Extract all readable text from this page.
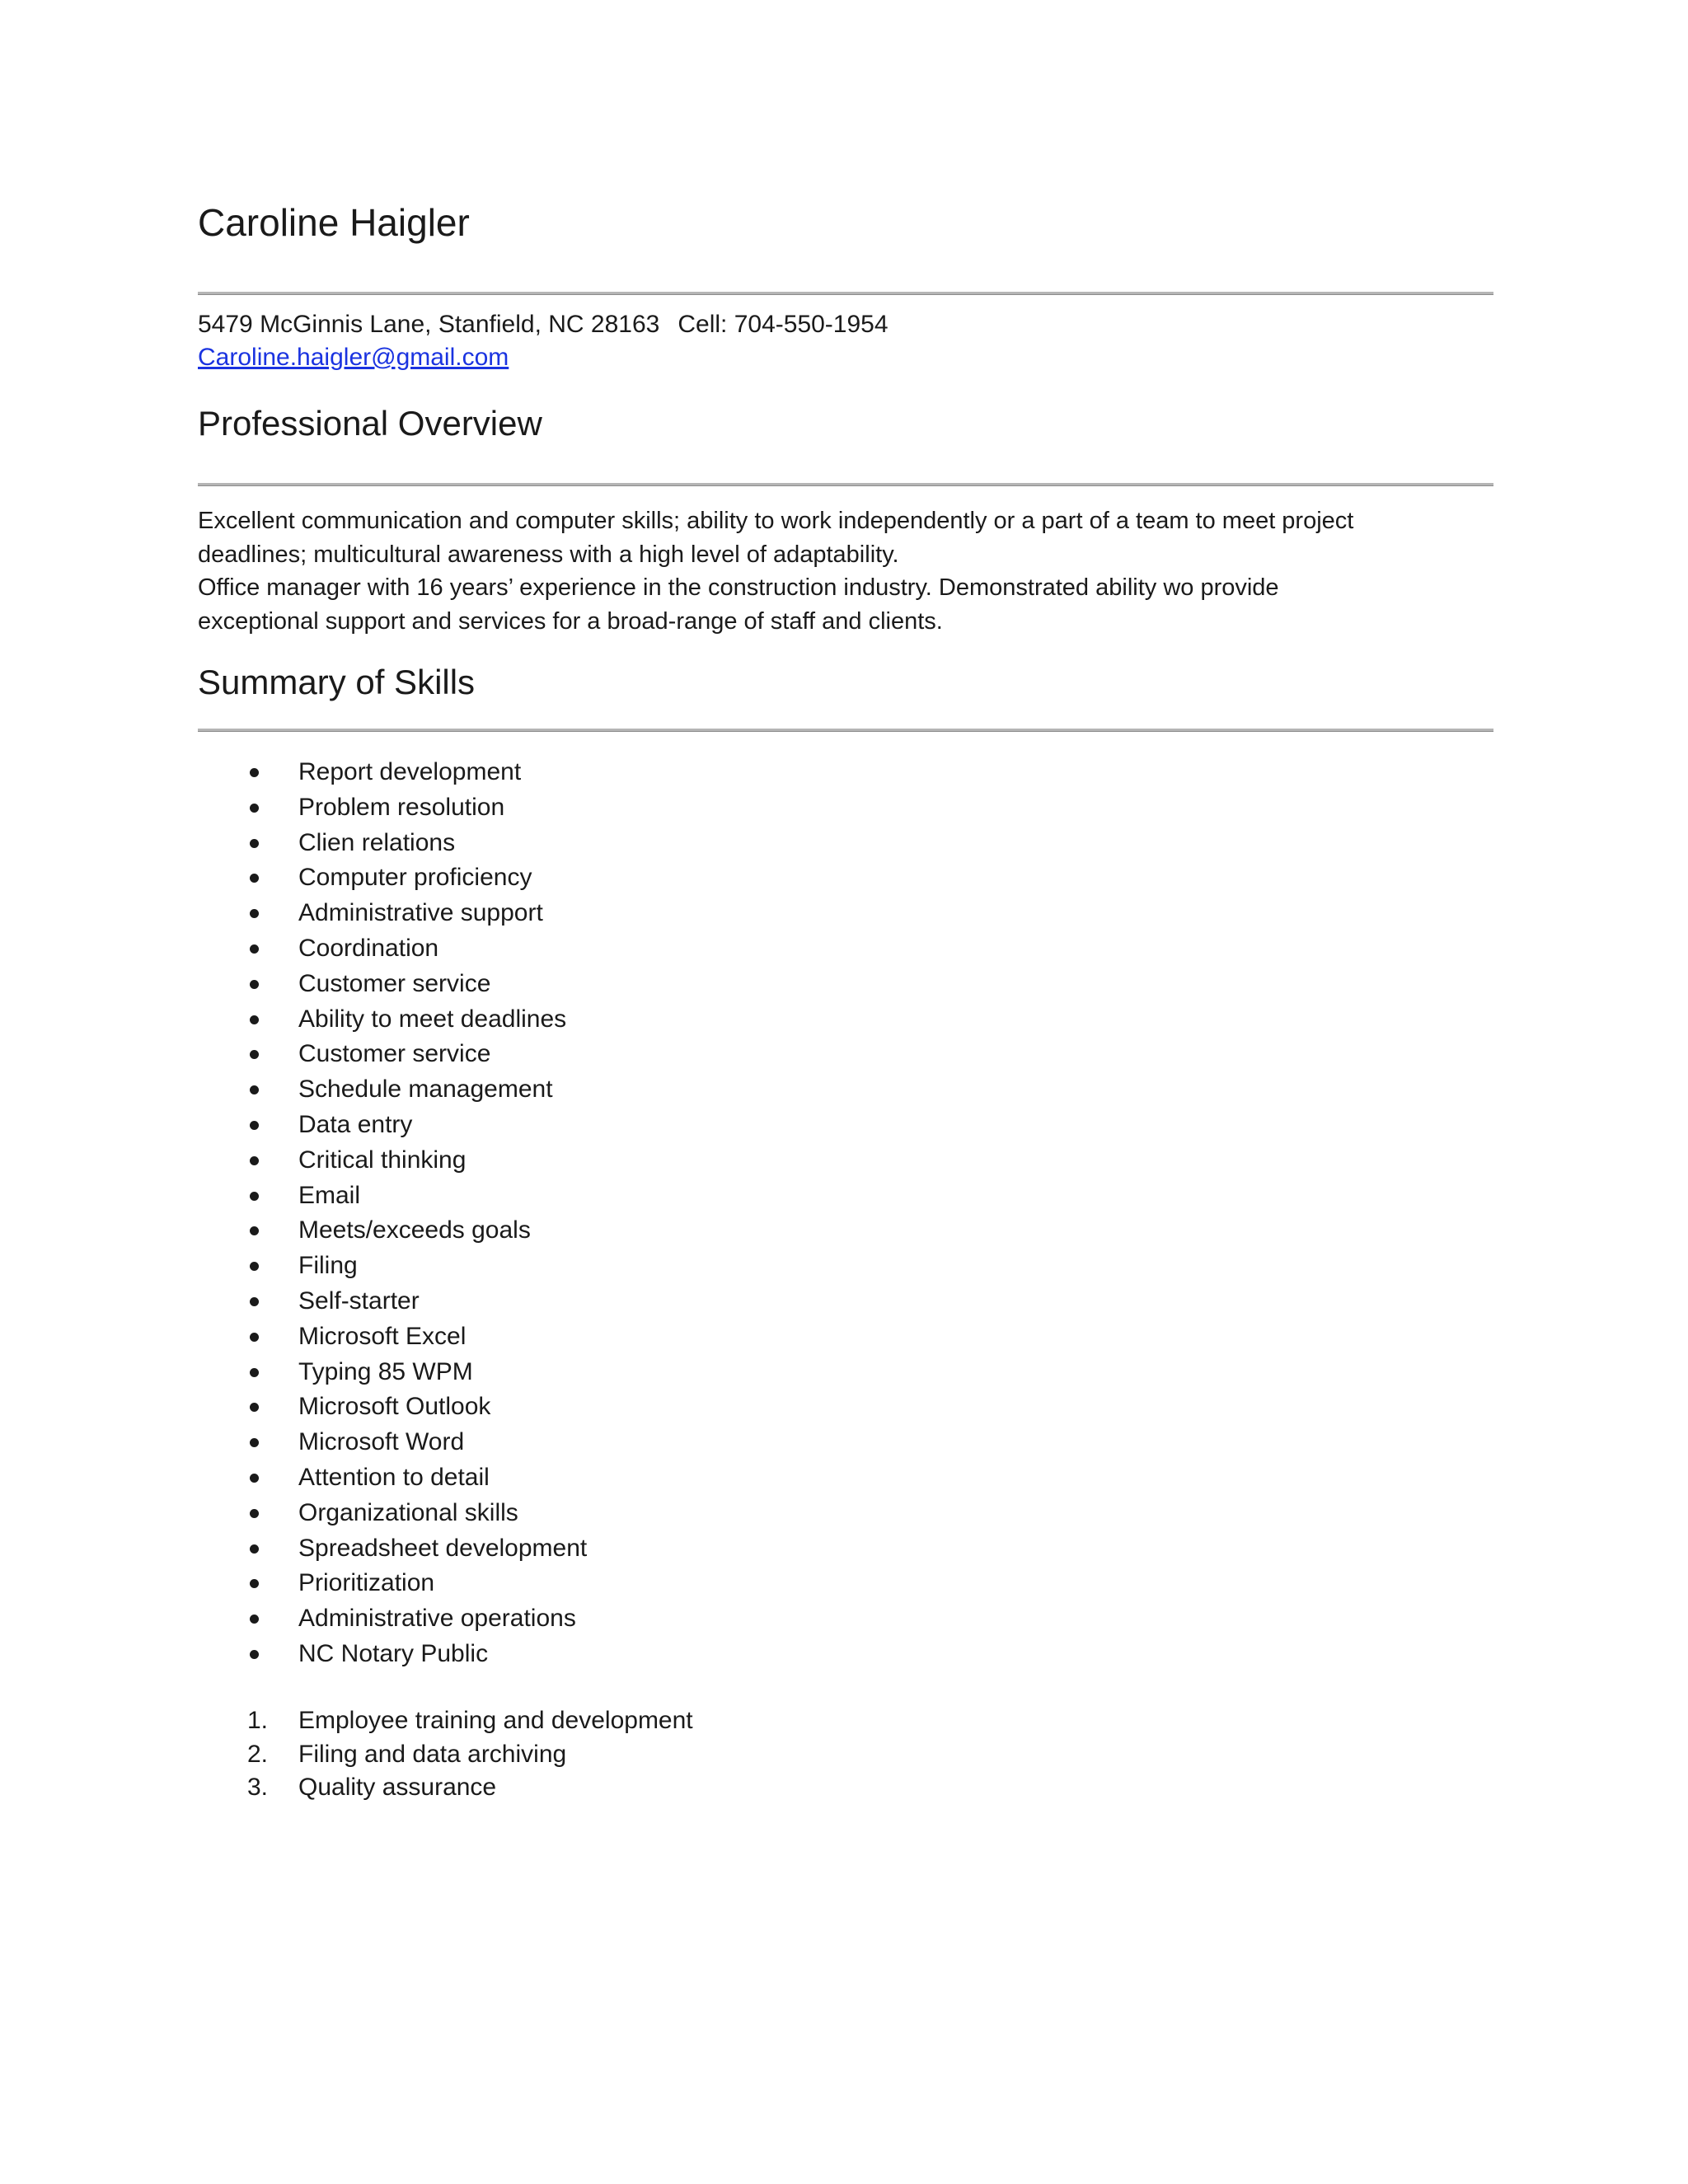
Caroline Haigler
5479 McGinnis Lane, Stanfield, NC 28163 Cell: 704-550-1954
Caroline.haigler@gmail.com
Professional Overview

Excellent communication and computer skills; ability to work independently or a part of a team to meet project

deadlines; multicultural awareness with a high level of adaptability.

Office manager with 16 years’ experience in the construction industry. Demonstrated ability wo provide

exceptional support and services for a broad-range of staff and clients.

Summary of Skills
Report development
Problem resolution
Clien relations
Computer proficiency
Administrative support
Coordination
Customer service
Ability to meet deadlines
Customer service
Schedule management
Data entry
Critical thinking
Email
Meets/exceeds goals
Filing
Self-starter
Microsoft Excel
Typing 85 WPM
Microsoft Outlook
Microsoft Word
Attention to detail
Organizational skills
Spreadsheet development
Prioritization
Administrative operations
NC Notary Public
1. Employee training and development
2. Filing and data archiving
3. Quality assurance
